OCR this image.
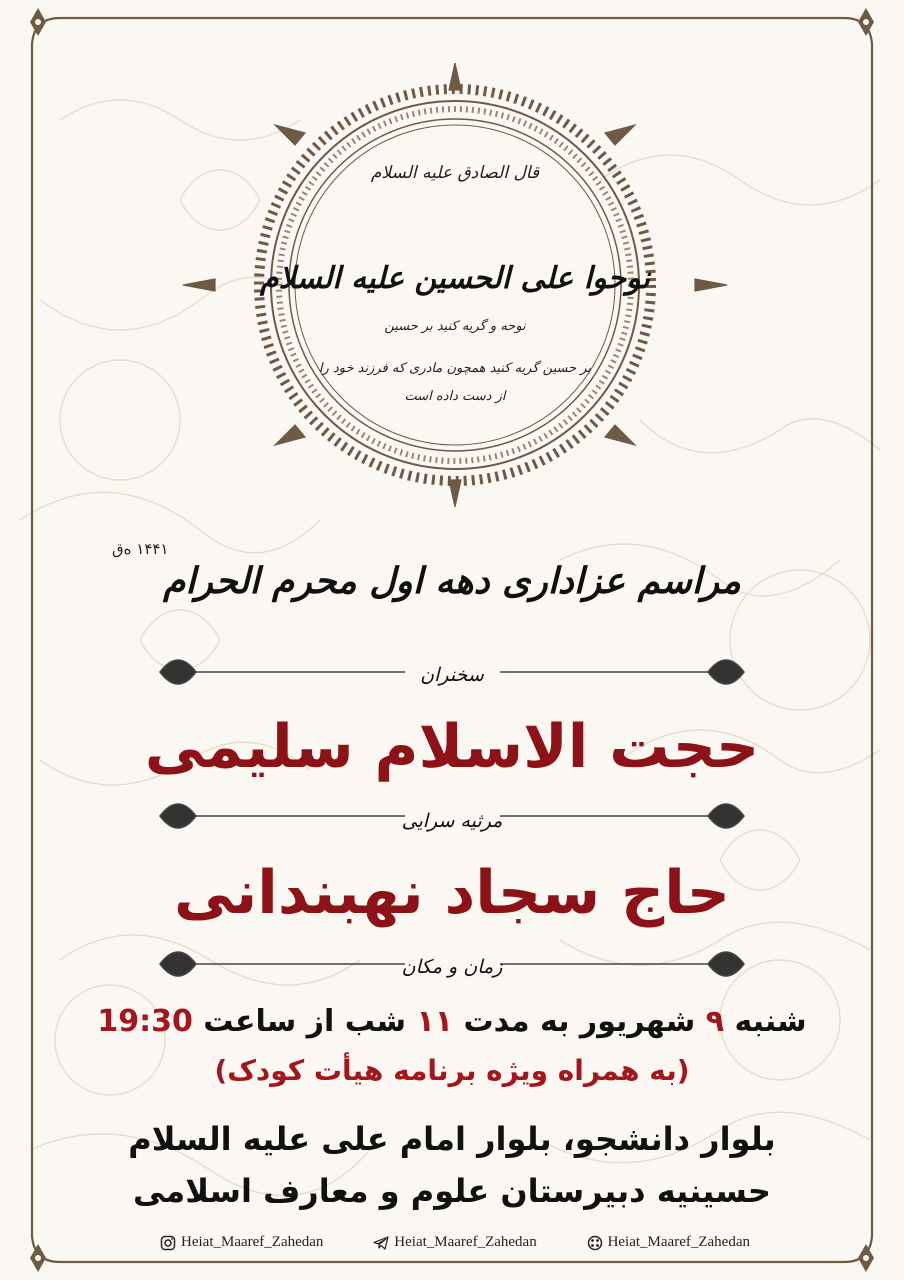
قال الصادق علیه السلام
نوحوا علی الحسین علیه السلام
نوحه و گریه کنید بر حسین
بر حسین گریه کنید همچون مادری که فرزند خود را
از دست داده است
۱۴۴۱ ه‌ق
مراسم عزاداری دهه اول محرم الحرام
سخنران
حجت الاسلام سلیمی
مرثیه سرایی
حاج سجاد نهبندانی
زمان و مکان
شنبه ۹ شهریور به مدت ۱۱ شب از ساعت 19:30
(به همراه ویژه برنامه هیأت کودک)
بلوار دانشجو، بلوار امام علی علیه السلام
حسینیه دبیرستان علوم و معارف اسلامی
Heiat_Maaref_Zahedan	Heiat_Maaref_Zahedan	Heiat_Maaref_Zahedan
